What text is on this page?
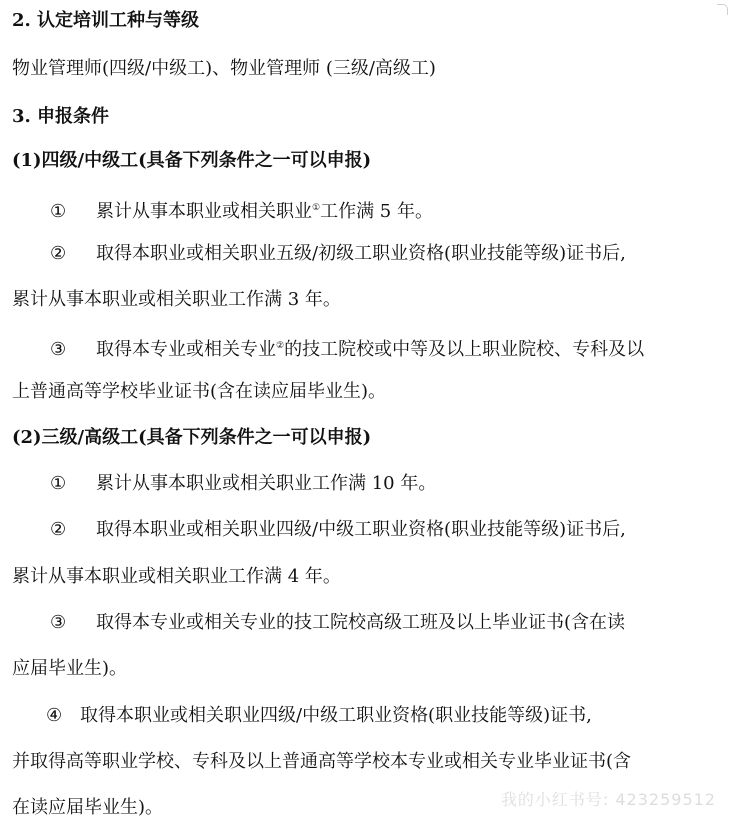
2. 认定培训工种与等级
物业管理师(四级/中级工)、物业管理师 (三级/高级工)
3. 申报条件
(1)四级/中级工(具备下列条件之一可以申报)
① 累计从事本职业或相关职业①工作满 5 年。
② 取得本职业或相关职业五级/初级工职业资格(职业技能等级)证书后,
累计从事本职业或相关职业工作满 3 年。
③ 取得本专业或相关专业②的技工院校或中等及以上职业院校、专科及以
上普通高等学校毕业证书(含在读应届毕业生)。
(2)三级/高级工(具备下列条件之一可以申报)
① 累计从事本职业或相关职业工作满 10 年。
② 取得本职业或相关职业四级/中级工职业资格(职业技能等级)证书后,
累计从事本职业或相关职业工作满 4 年。
③ 取得本专业或相关专业的技工院校高级工班及以上毕业证书(含在读
应届毕业生)。
④ 取得本职业或相关职业四级/中级工职业资格(职业技能等级)证书,
并取得高等职业学校、专科及以上普通高等学校本专业或相关专业毕业证书(含
在读应届毕业生)。	我的小红书号: 423259512
